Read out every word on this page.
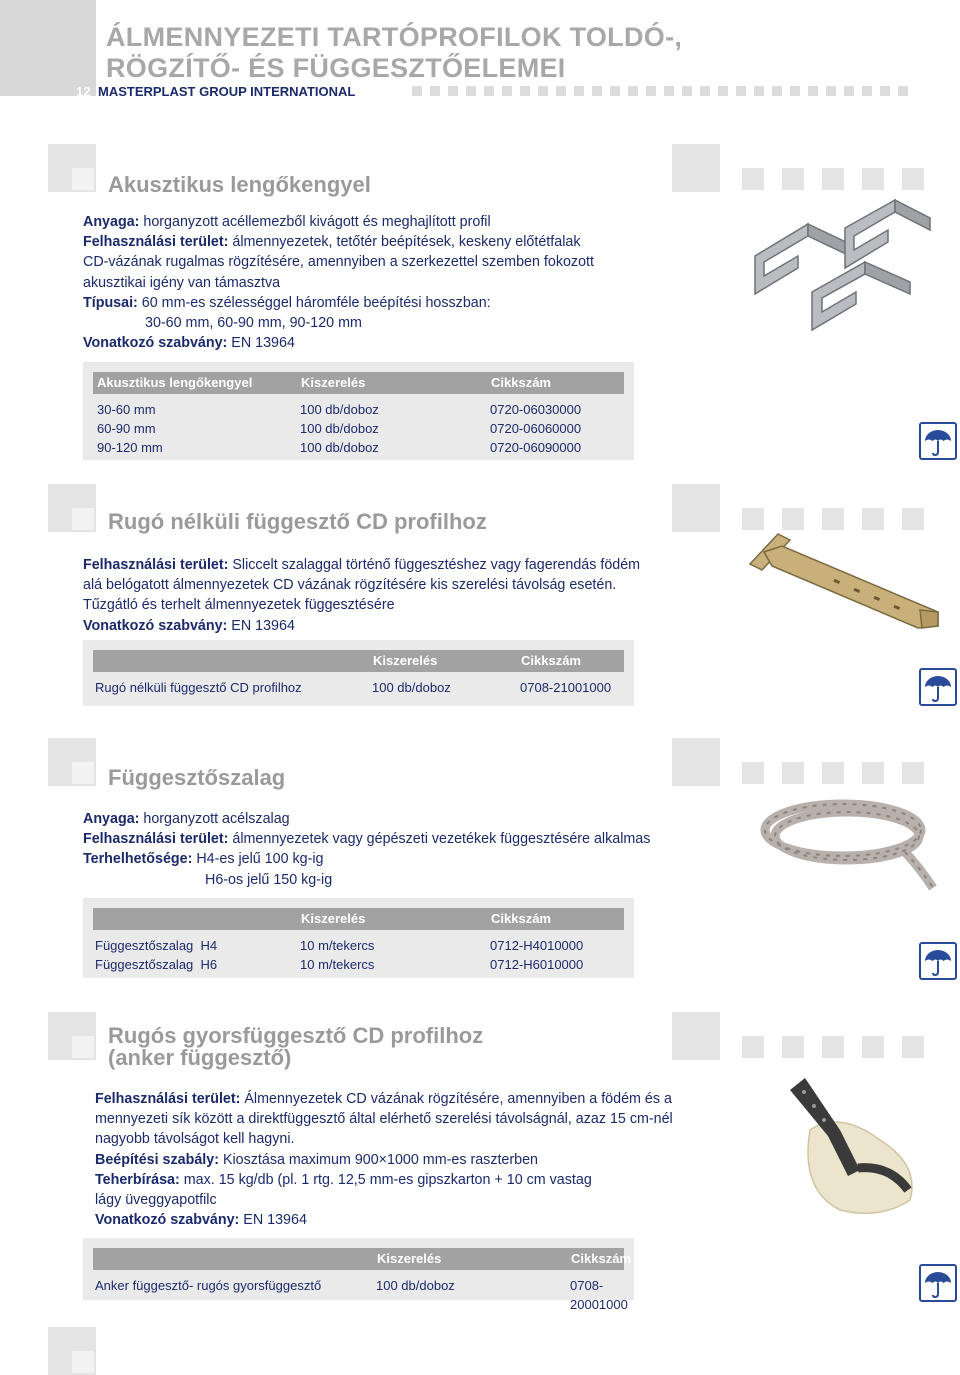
ÁLMENNYEZETI TARTÓPROFILOK TOLDÓ-,
RÖGZÍTŐ- ÉS FÜGGESZTŐELEMEI
12 MASTERPLAST GROUP INTERNATIONAL
Akusztikus lengőkengyel
Anyaga: horganyzott acéllemezből kivágott és meghajlított profil
Felhasználási terület: álmennyezetek, tetőtér beépítések, keskeny előtétfalak
CD-vázának rugalmas rögzítésére, amennyiben a szerkezettel szemben fokozott
akusztikai igény van támasztva
Típusai: 60 mm-es szélességgel háromféle beépítési hosszban:
30-60 mm, 60-90 mm, 90-120 mm
Vonatkozó szabvány: EN 13964
Akusztikus lengőkengyel	Kiszerelés	Cikkszám
30-60 mm	100 db/doboz	0720-06030000
60-90 mm	100 db/doboz	0720-06060000
90-120 mm	100 db/doboz	0720-06090000
Rugó nélküli függesztő CD profilhoz
Felhasználási terület: Sliccelt szalaggal történő függesztéshez vagy fagerendás födém
alá belógatott álmennyezetek CD vázának rögzítésére kis szerelési távolság esetén.
Tűzgátló és terhelt álmennyezetek függesztésére
Vonatkozó szabvány: EN 13964
Kiszerelés	Cikkszám
Rugó nélküli függesztő CD profilhoz	100 db/doboz	0708-21001000
Függesztőszalag
Anyaga: horganyzott acélszalag
Felhasználási terület: álmennyezetek vagy gépészeti vezetékek függesztésére alkalmas
Terhelhetősége: H4-es jelű 100 kg-ig
H6-os jelű 150 kg-ig
Kiszerelés	Cikkszám
Függesztőszalag  H4	10 m/tekercs	0712-H4010000
Függesztőszalag  H6	10 m/tekercs	0712-H6010000
Rugós gyorsfüggesztő CD profilhoz
(anker függesztő)
Felhasználási terület: Álmennyezetek CD vázának rögzítésére, amennyiben a födém és a
mennyezeti sík között a direktfüggesztő által elérhető szerelési távolságnál, azaz 15 cm-nél
nagyobb távolságot kell hagyni.
Beépítési szabály: Kiosztása maximum 900×1000 mm-es raszterben
Teherbírása: max. 15 kg/db (pl. 1 rtg. 12,5 mm-es gipszkarton + 10 cm vastag
lágy üveggyapotfilc
Vonatkozó szabvány: EN 13964
Kiszerelés	Cikkszám
Anker függesztő- rugós gyorsfüggesztő	100 db/doboz	0708-20001000
